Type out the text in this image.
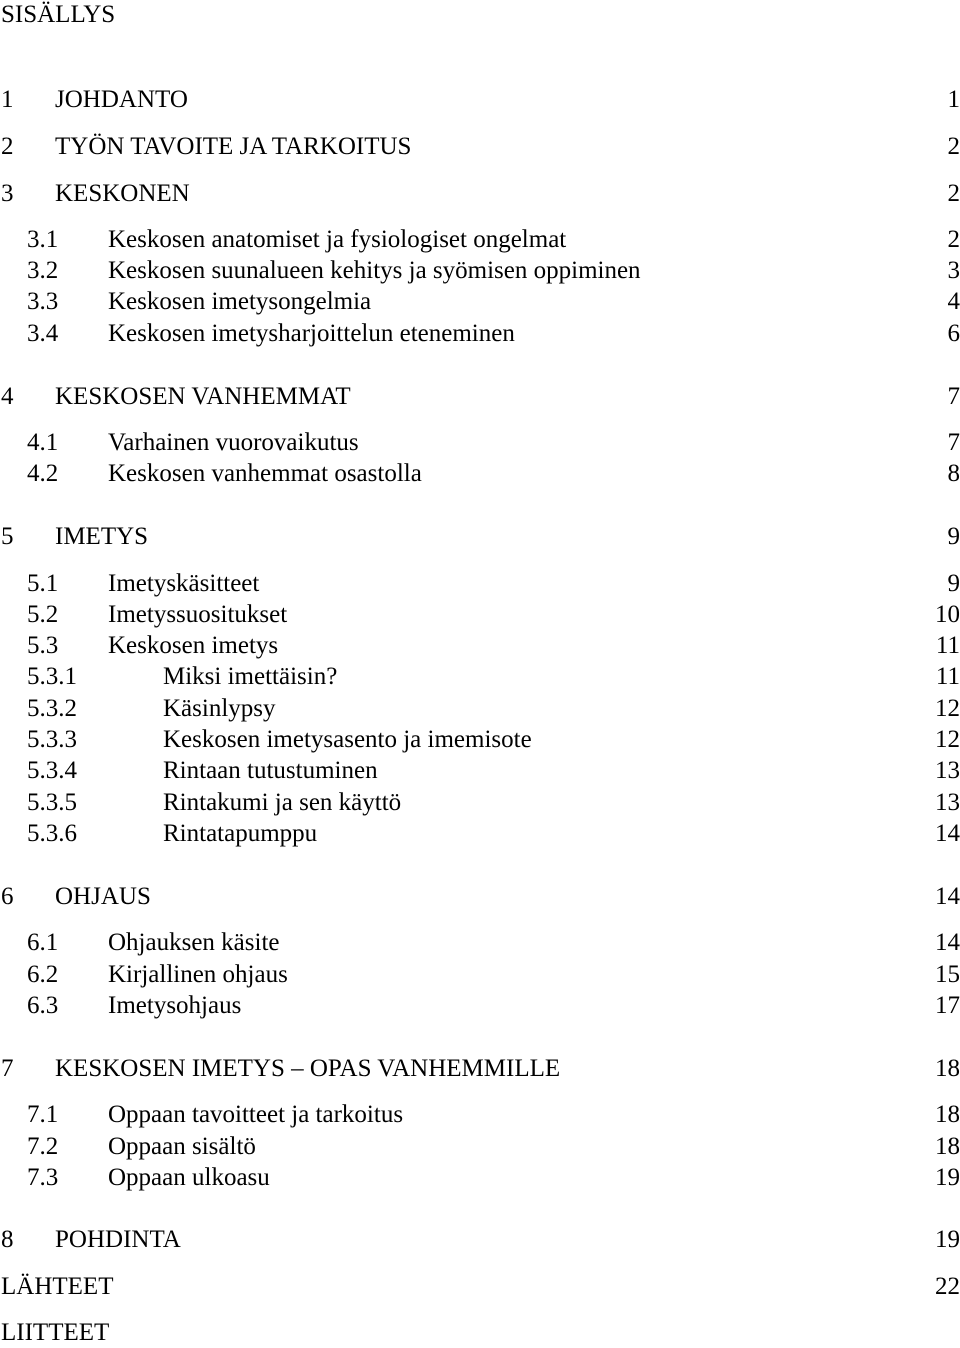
SISÄLLYS
1 JOHDANTO	1
2 TYÖN TAVOITE JA TARKOITUS	2
3 KESKONEN	2
3.1 Keskosen anatomiset ja fysiologiset ongelmat	2
3.2 Keskosen suunalueen kehitys ja syömisen oppiminen	3
3.3 Keskosen imetysongelmia	4
3.4 Keskosen imetysharjoittelun eteneminen	6
4 KESKOSEN VANHEMMAT	7
4.1 Varhainen vuorovaikutus	7
4.2 Keskosen vanhemmat osastolla	8
5 IMETYS	9
5.1 Imetyskäsitteet	9
5.2 Imetyssuositukset	10
5.3 Keskosen imetys	11
5.3.1	Miksi imettäisin?	11
5.3.2	Käsinlypsy	12
5.3.3	Keskosen imetysasento ja imemisote	12
5.3.4	Rintaan tutustuminen	13
5.3.5	Rintakumi ja sen käyttö	13
5.3.6	Rintatapumppu	14
6 OHJAUS	14
6.1 Ohjauksen käsite	14
6.2 Kirjallinen ohjaus	15
6.3 Imetysohjaus	17
7 KESKOSEN IMETYS – OPAS VANHEMMILLE	18
7.1 Oppaan tavoitteet ja tarkoitus	18
7.2 Oppaan sisältö	18
7.3 Oppaan ulkoasu	19
8 POHDINTA	19
LÄHTEET	22
LIITTEET
